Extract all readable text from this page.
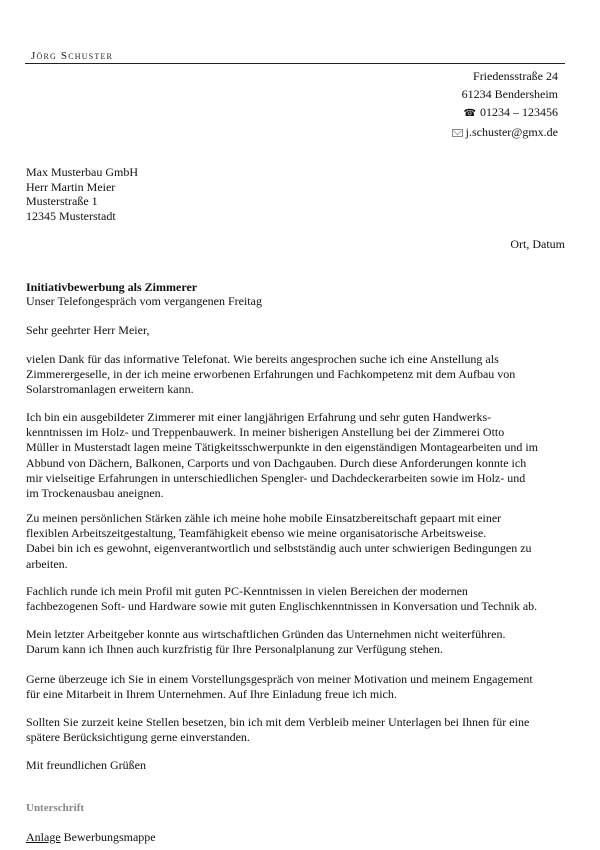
Jörg Schuster
Friedensstraße 24
61234 Bendersheim
☎ 01234 – 123456
j.schuster@gmx.de
Max Musterbau GmbH
Herr Martin Meier
Musterstraße 1
12345 Musterstadt
Ort, Datum
Initiativbewerbung als Zimmerer
Unser Telefongespräch vom vergangenen Freitag
Sehr geehrter Herr Meier,
vielen Dank für das informative Telefonat. Wie bereits angesprochen suche ich eine Anstellung als
Zimmerergeselle, in der ich meine erworbenen Erfahrungen und Fachkompetenz mit dem Aufbau von
Solarstromanlagen erweitern kann.
Ich bin ein ausgebildeter Zimmerer mit einer langjährigen Erfahrung und sehr guten Handwerks-
kenntnissen im Holz- und Treppenbauwerk. In meiner bisherigen Anstellung bei der Zimmerei Otto
Müller in Musterstadt lagen meine Tätigkeitsschwerpunkte in den eigenständigen Montagearbeiten und im
Abbund von Dächern, Balkonen, Carports und von Dachgauben. Durch diese Anforderungen konnte ich
mir vielseitige Erfahrungen in unterschiedlichen Spengler- und Dachdeckerarbeiten sowie im Holz- und
im Trockenausbau aneignen.
Zu meinen persönlichen Stärken zähle ich meine hohe mobile Einsatzbereitschaft gepaart mit einer
flexiblen Arbeitszeitgestaltung, Teamfähigkeit ebenso wie meine organisatorische Arbeitsweise.
Dabei bin ich es gewohnt, eigenverantwortlich und selbstständig auch unter schwierigen Bedingungen zu
arbeiten.
Fachlich runde ich mein Profil mit guten PC-Kenntnissen in vielen Bereichen der modernen
fachbezogenen Soft- und Hardware sowie mit guten Englischkenntnissen in Konversation und Technik ab.
Mein letzter Arbeitgeber konnte aus wirtschaftlichen Gründen das Unternehmen nicht weiterführen.
Darum kann ich Ihnen auch kurzfristig für Ihre Personalplanung zur Verfügung stehen.
Gerne überzeuge ich Sie in einem Vorstellungsgespräch von meiner Motivation und meinem Engagement
für eine Mitarbeit in Ihrem Unternehmen. Auf Ihre Einladung freue ich mich.
Sollten Sie zurzeit keine Stellen besetzen, bin ich mit dem Verbleib meiner Unterlagen bei Ihnen für eine
spätere Berücksichtigung gerne einverstanden.
Mit freundlichen Grüßen
Unterschrift
Anlage Bewerbungsmappe
